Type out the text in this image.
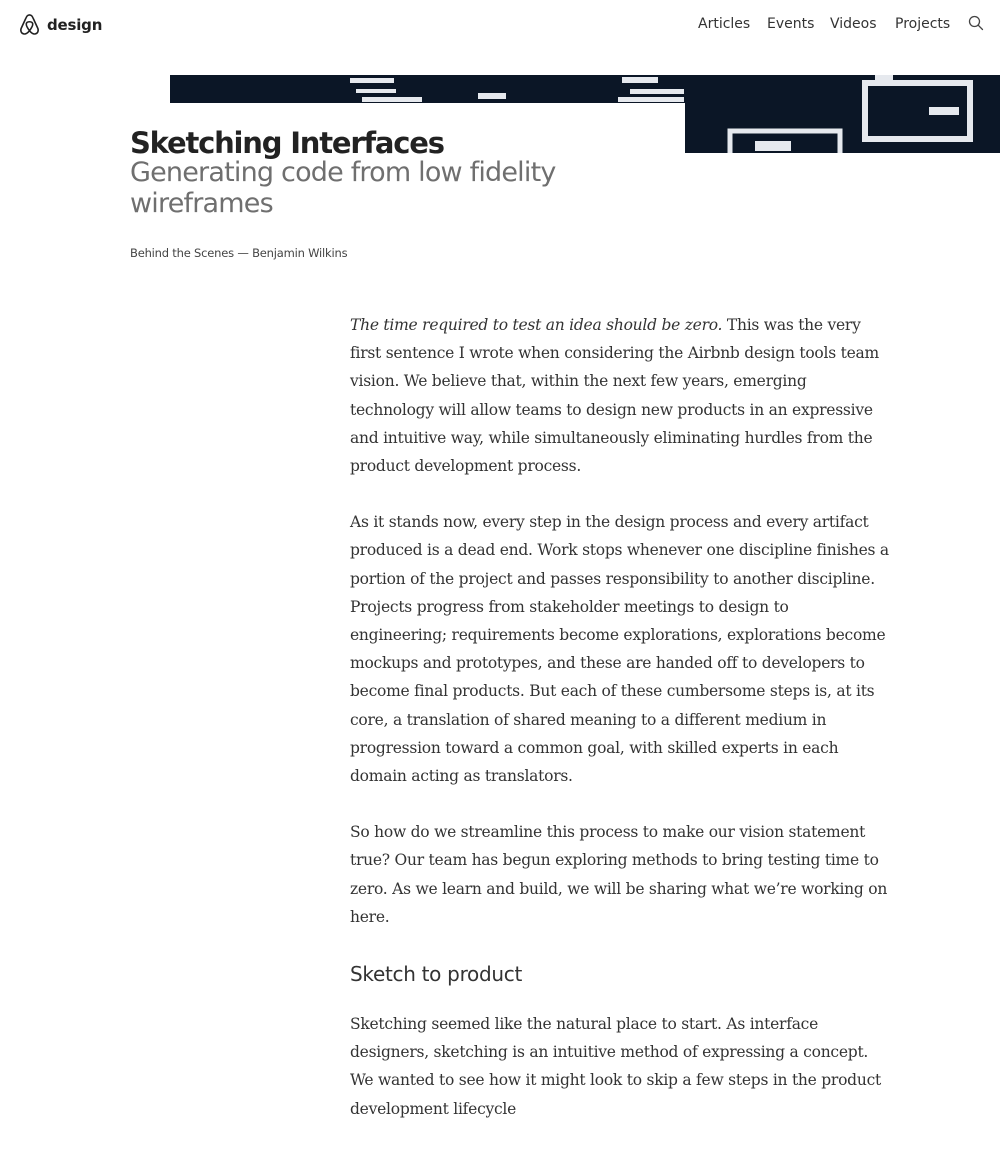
design	Articles Events Videos Projects
Sketching Interfaces
Generating code from low fidelity wireframes
Behind the Scenes — Benjamin Wilkins

The time required to test an idea should be zero. This was the very first sentence I wrote when considering the Airbnb design tools team vision. We believe that, within the next few years, emerging technology will allow teams to design new products in an expressive and intuitive way, while simultaneously eliminating hurdles from the product development process.

As it stands now, every step in the design process and every artifact produced is a dead end. Work stops whenever one discipline finishes a portion of the project and passes responsibility to another discipline. Projects progress from stakeholder meetings to design to engineering; requirements become explorations, explorations become mockups and prototypes, and these are handed off to developers to become final products. But each of these cumbersome steps is, at its core, a translation of shared meaning to a different medium in progression toward a common goal, with skilled experts in each domain acting as translators.

So how do we streamline this process to make our vision statement true? Our team has begun exploring methods to bring testing time to zero. As we learn and build, we will be sharing what we’re working on here.

Sketch to product

Sketching seemed like the natural place to start. As interface designers, sketching is an intuitive method of expressing a concept. We wanted to see how it might look to skip a few steps in the product development lifecycle
